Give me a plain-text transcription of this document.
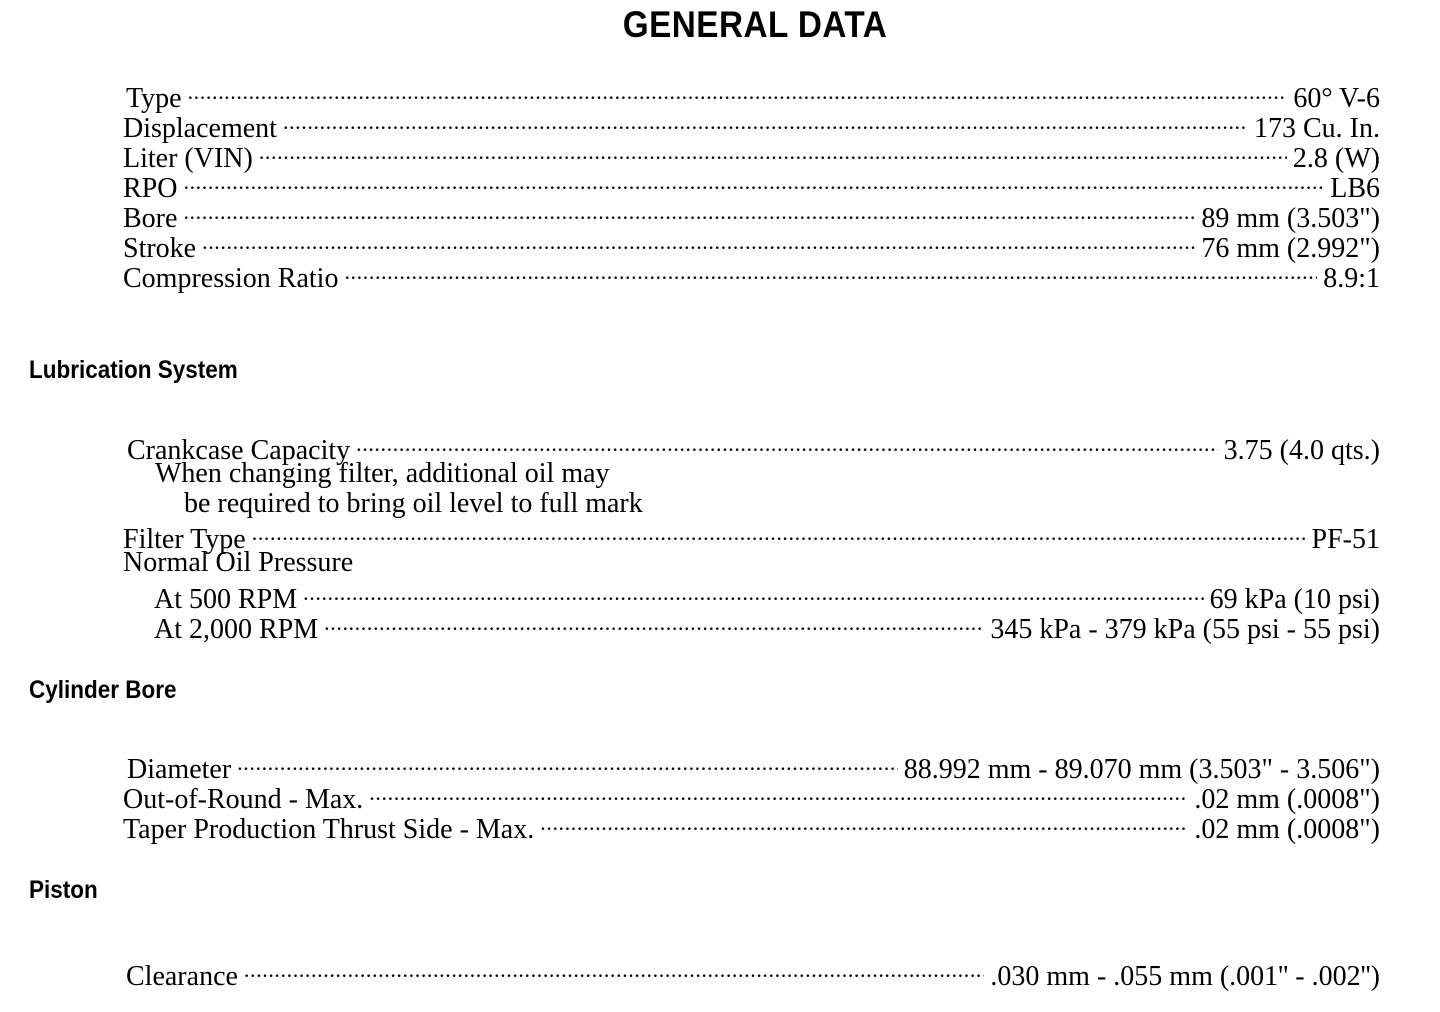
GENERAL DATA
Type .....	60° V-6
Displacement .....	173 Cu. In.
Liter (VIN) .....	2.8 (W)
RPO .....	LB6
Bore .....	89 mm (3.503")
Stroke .....	76 mm (2.992")
Compression Ratio .....	8.9:1
Lubrication System
Crankcase Capacity .....	3.75 (4.0 qts.)
When changing filter, additional oil may
be required to bring oil level to full mark
Filter Type .....	PF-51
Normal Oil Pressure
At 500 RPM .....	69 kPa (10 psi)
At 2,000 RPM .....	345 kPa - 379 kPa (55 psi - 55 psi)
Cylinder Bore
Diameter .....	88.992 mm - 89.070 mm (3.503" - 3.506")
Out-of-Round - Max. .....	.02 mm (.0008")
Taper Production Thrust Side - Max. .....	.02 mm (.0008")
Piston
Clearance .....	.030 mm - .055 mm (.001'' - .002'')
